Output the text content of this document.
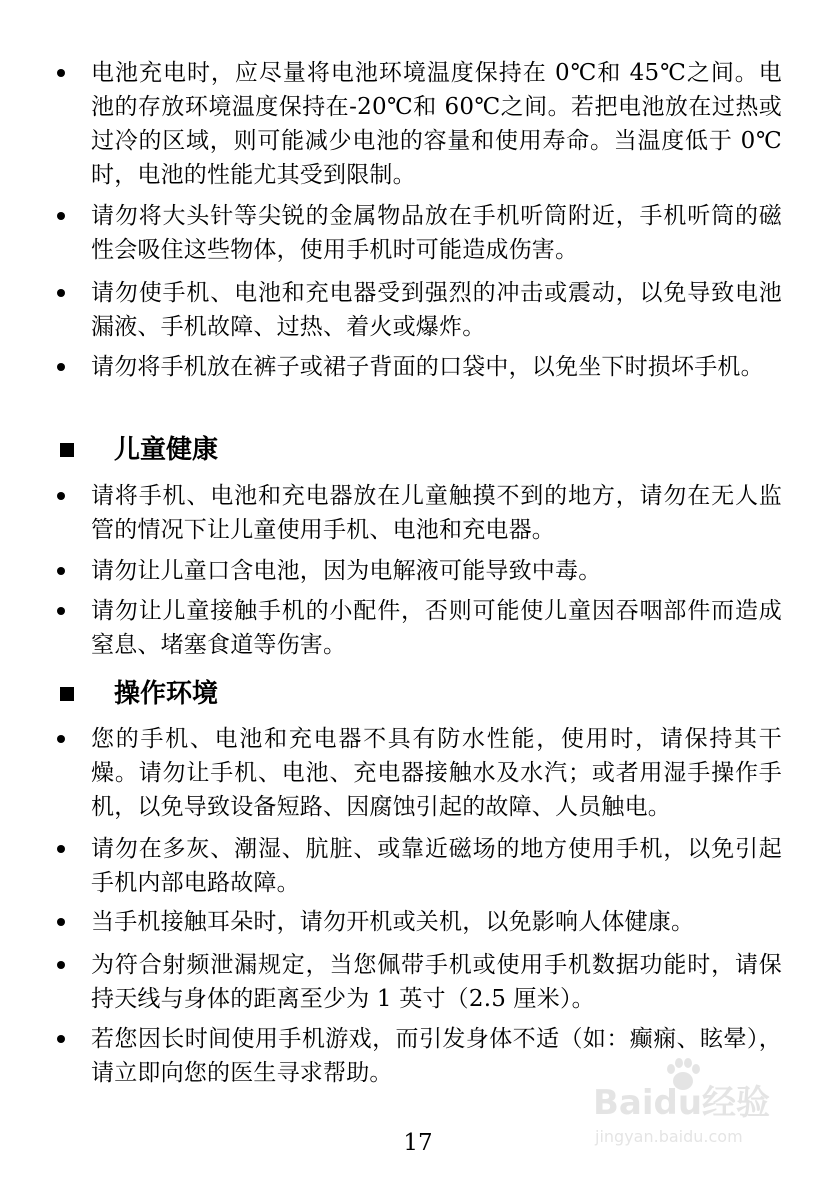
电池充电时，应尽量将电池环境温度保持在 0℃和 45℃之间。电池的存放环境温度保持在-20℃和 60℃之间。若把电池放在过热或过冷的区域，则可能减少电池的容量和使用寿命。当温度低于 0℃时，电池的性能尤其受到限制。
请勿将大头针等尖锐的金属物品放在手机听筒附近，手机听筒的磁性会吸住这些物体，使用手机时可能造成伤害。
请勿使手机、电池和充电器受到强烈的冲击或震动，以免导致电池漏液、手机故障、过热、着火或爆炸。
请勿将手机放在裤子或裙子背面的口袋中，以免坐下时损坏手机。
儿童健康
请将手机、电池和充电器放在儿童触摸不到的地方，请勿在无人监管的情况下让儿童使用手机、电池和充电器。
请勿让儿童口含电池，因为电解液可能导致中毒。
请勿让儿童接触手机的小配件，否则可能使儿童因吞咽部件而造成窒息、堵塞食道等伤害。
操作环境
您的手机、电池和充电器不具有防水性能，使用时，请保持其干燥。请勿让手机、电池、充电器接触水及水汽；或者用湿手操作手机，以免导致设备短路、因腐蚀引起的故障、人员触电。
请勿在多灰、潮湿、肮脏、或靠近磁场的地方使用手机，以免引起手机内部电路故障。
当手机接触耳朵时，请勿开机或关机，以免影响人体健康。
为符合射频泄漏规定，当您佩带手机或使用手机数据功能时，请保持天线与身体的距离至少为 1 英寸（2.5 厘米）。
若您因长时间使用手机游戏，而引发身体不适（如：癫痫、眩晕），请立即向您的医生寻求帮助。
Baidu经验
jingyan.baidu.com
17
